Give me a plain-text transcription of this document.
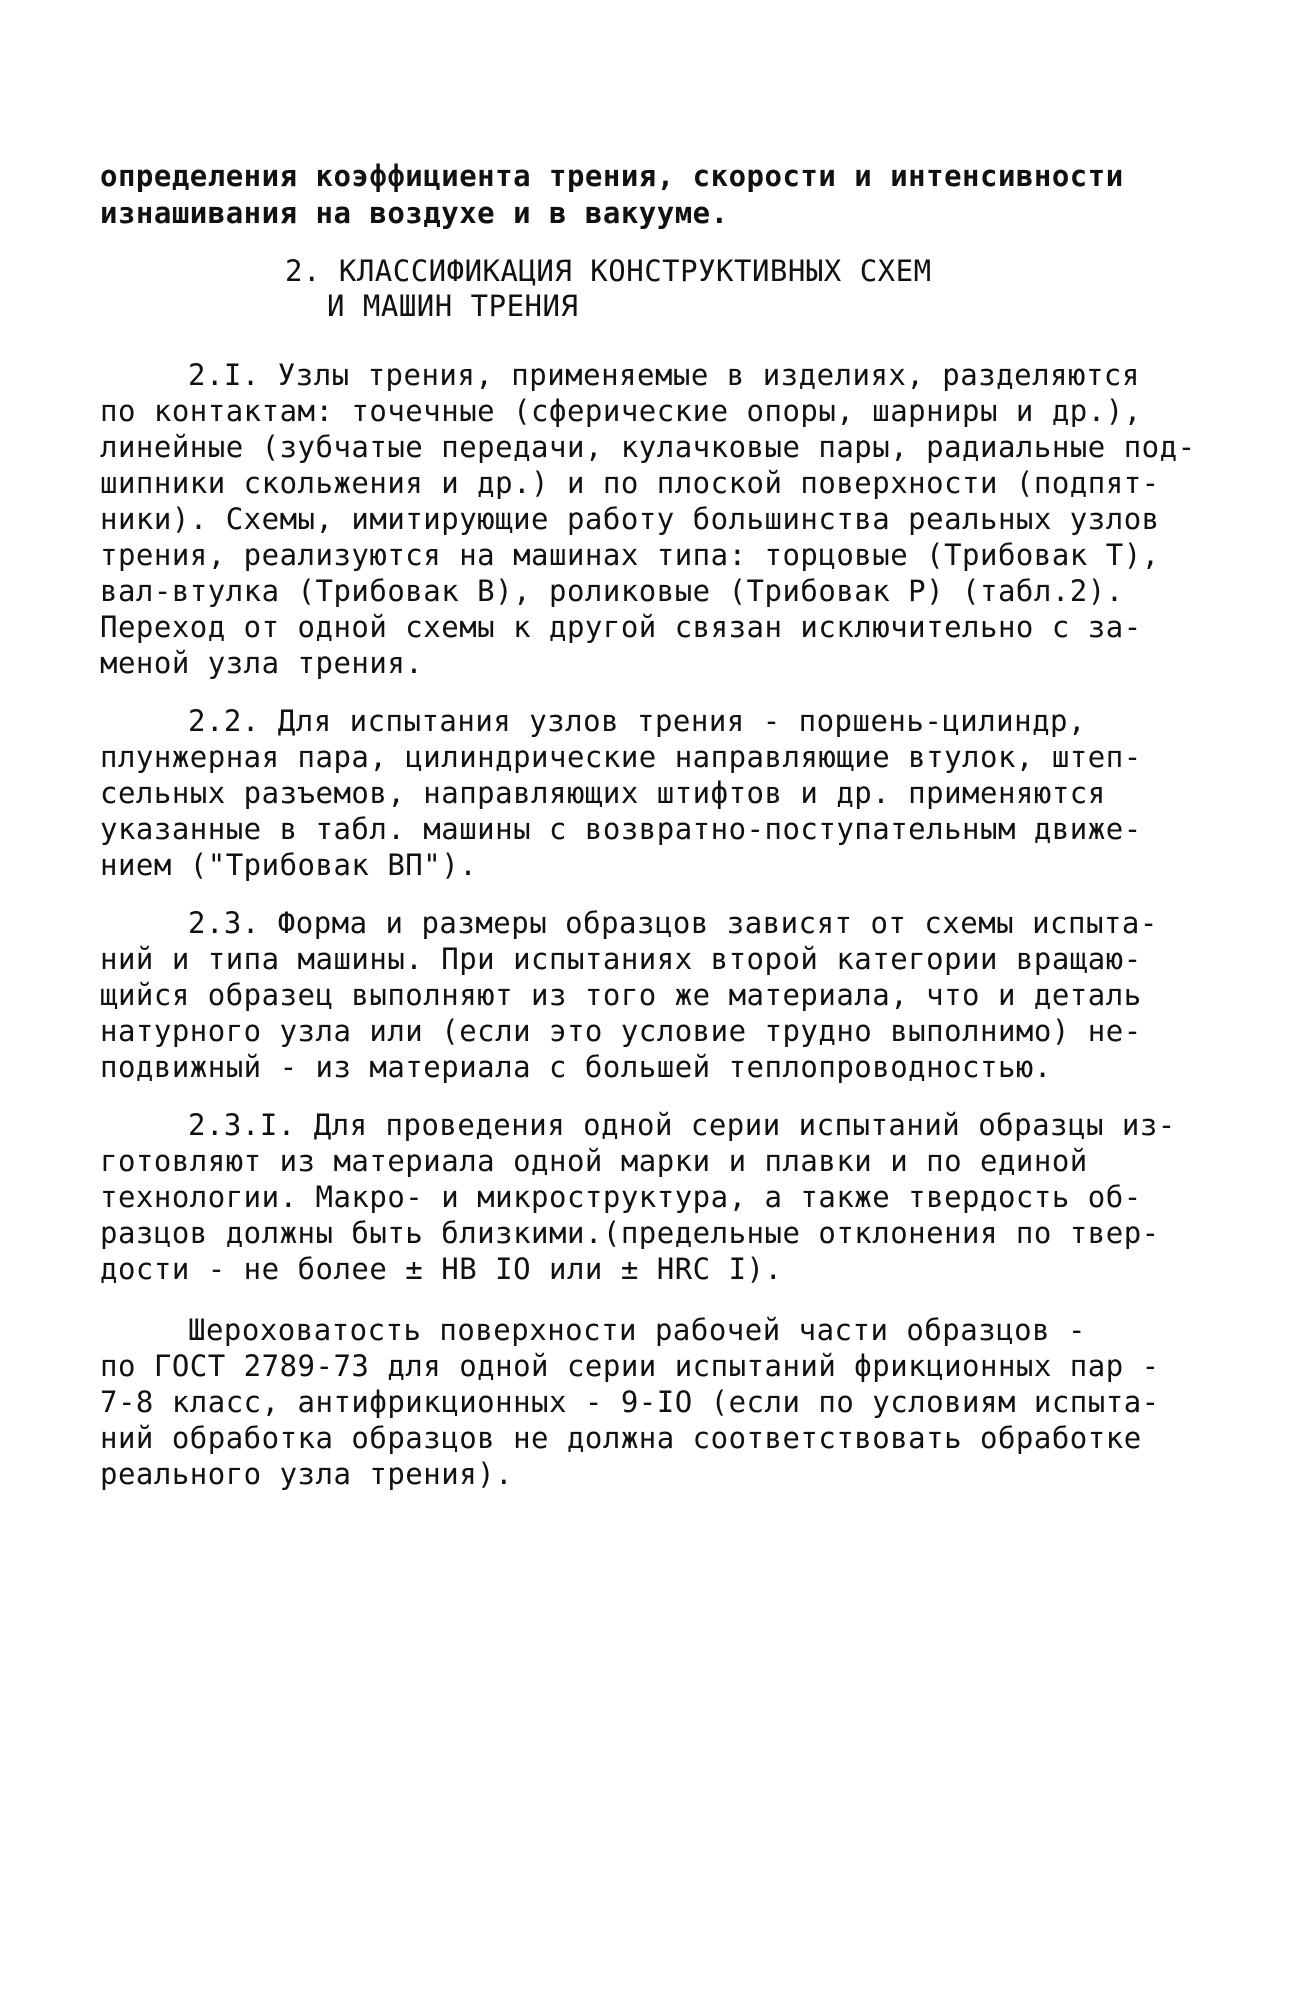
определения коэффициента трения, скорости и интенсивности
изнашивания на воздухе и в вакууме.
2. КЛАССИФИКАЦИЯ КОНСТРУКТИВНЫХ СХЕМ
И МАШИН ТРЕНИЯ
2.I. Узлы трения, применяемые в изделиях, разделяются
по контактам: точечные (сферические опоры, шарниры и др.),
линейные (зубчатые передачи, кулачковые пары, радиальные под-
шипники скольжения и др.) и по плоской поверхности (подпят-
ники). Схемы, имитирующие работу большинства реальных узлов
трения, реализуются на машинах типа: торцовые (Трибовак Т),
вал-втулка (Трибовак В), роликовые (Трибовак Р) (табл.2).
Переход от одной схемы к другой связан исключительно с за-
меной узла трения.
2.2. Для испытания узлов трения - поршень-цилиндр,
плунжерная пара, цилиндрические направляющие втулок, штеп-
сельных разъемов, направляющих штифтов и др. применяются
указанные в табл. машины с возвратно-поступательным движе-
нием ("Трибовак ВП").
2.3. Форма и размеры образцов зависят от схемы испыта-
ний и типа машины. При испытаниях второй категории вращаю-
щийся образец выполняют из того же материала, что и деталь
натурного узла или (если это условие трудно выполнимо) не-
подвижный - из материала с большей теплопроводностью.
2.3.I. Для проведения одной серии испытаний образцы из-
готовляют из материала одной марки и плавки и по единой
технологии. Макро- и микроструктура, а также твердость об-
разцов должны быть близкими.(предельные отклонения по твер-
дости - не более ± HB IO или ± HRC I).
Шероховатость поверхности рабочей части образцов -
по ГОСТ 2789-73 для одной серии испытаний фрикционных пар -
7-8 класс, антифрикционных - 9-IO (если по условиям испыта-
ний обработка образцов не должна соответствовать обработке
реального узла трения).
